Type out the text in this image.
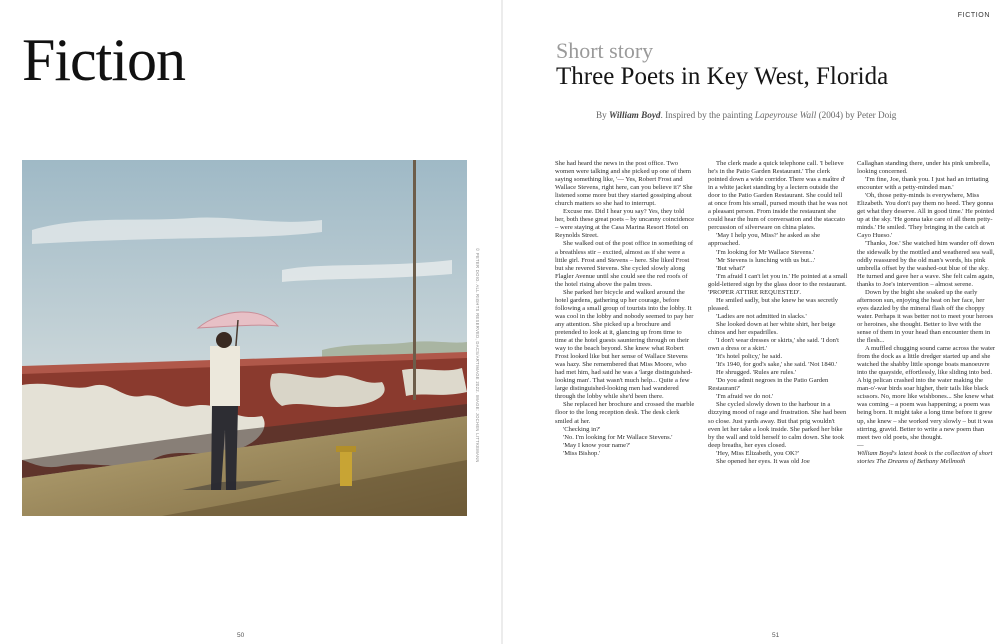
Fiction
FICTION
Short story
Three Poets in Key West, Florida
By William Boyd. Inspired by the painting Lapeyrouse Wall (2004) by Peter Doig
© PETER DOIG. ALL RIGHTS RESERVED, DACS/ARTIMAGE 2022. IMAGE: JOCHEN LITTKEMANN

She had heard the news in the post office. Two women were talking and she picked up one of them saying something like, '— Yes, Robert Frost and Wallace Stevens, right here, can you believe it?' She listened some more but they started gossiping about church matters so she had to interrupt.

Excuse me. Did I hear you say? Yes, they told her, both these great poets – by uncanny coincidence – were staying at the Casa Marina Resort Hotel on Reynolds Street.

She walked out of the post office in something of a breathless stir – excited, almost as if she were a little girl. Frost and Stevens – here. She liked Frost but she revered Stevens. She cycled slowly along Flagler Avenue until she could see the red roofs of the hotel rising above the palm trees.

She parked her bicycle and walked around the hotel gardens, gathering up her courage, before following a small group of tourists into the lobby. It was cool in the lobby and nobody seemed to pay her any attention. She picked up a brochure and pretended to look at it, glancing up from time to time at the hotel guests sauntering through on their way to the beach beyond. She knew what Robert Frost looked like but her sense of Wallace Stevens was hazy. She remembered that Miss Moore, who had met him, had said he was a 'large distinguished-looking man'. That wasn't much help... Quite a few large distinguished-looking men had wandered through the lobby while she'd been there.

She replaced her brochure and crossed the marble floor to the long reception desk. The desk clerk smiled at her.

'Checking in?'

'No. I'm looking for Mr Wallace Stevens.'

'May I know your name?'

'Miss Bishop.'

The clerk made a quick telephone call. 'I believe he's in the Patio Garden Restaurant.' The clerk pointed down a wide corridor. There was a maître d' in a white jacket standing by a lectern outside the door to the Patio Garden Restaurant. She could tell at once from his small, pursed mouth that he was not a pleasant person. From inside the restaurant she could hear the hum of conversation and the staccato percussion of silverware on china plates.

'May I help you, Miss?' he asked as she approached.

'I'm looking for Mr Wallace Stevens.'

'Mr Stevens is lunching with us but...'

'But what?'

'I'm afraid I can't let you in.' He pointed at a small gold-lettered sign by the glass door to the restaurant. 'PROPER ATTIRE REQUESTED'.

He smiled sadly, but she knew he was secretly pleased.

'Ladies are not admitted in slacks.'

She looked down at her white shirt, her beige chinos and her espadrilles.

'I don't wear dresses or skirts,' she said. 'I don't own a dress or a skirt.'

'It's hotel policy,' he said.

'It's 1940, for god's sake,' she said. 'Not 1840.'

He shrugged. 'Rules are rules.'

'Do you admit negroes in the Patio Garden Restaurant?'

'I'm afraid we do not.'

She cycled slowly down to the harbour in a dizzying mood of rage and frustration. She had been so close. Just yards away. But that prig wouldn't even let her take a look inside. She parked her bike by the wall and told herself to calm down. She took deep breaths, her eyes closed.

'Hey, Miss Elizabeth, you OK?'

She opened her eyes. It was old Joe

Callaghan standing there, under his pink umbrella, looking concerned.

'I'm fine, Joe, thank you. I just had an irritating encounter with a petty-minded man.'

'Oh, those petty-minds is everywhere, Miss Elizabeth. You don't pay them no heed. They gonna get what they deserve. All in good time.' He pointed up at the sky. 'He gonna take care of all them petty-minds.' He smiled. 'They bringing in the catch at Cayo Hueso.'

'Thanks, Joe.' She watched him wander off down the sidewalk by the mottled and weathered sea wall, oddly reassured by the old man's words, his pink umbrella offset by the washed-out blue of the sky. He turned and gave her a wave. She felt calm again, thanks to Joe's intervention – almost serene.

Down by the bight she soaked up the early afternoon sun, enjoying the heat on her face, her eyes dazzled by the mineral flash off the choppy water. Perhaps it was better not to meet your heroes or heroines, she thought. Better to live with the sense of them in your head than encounter them in the flesh...

A muffled chugging sound came across the water from the dock as a little dredger started up and she watched the shabby little sponge boats manoeuvre into the quayside, effortlessly, like sliding into bed. A big pelican crashed into the water making the man-o'-war birds soar higher, their tails like black scissors. No, more like wishbones... She knew what was coming – a poem was happening; a poem was being born. It might take a long time before it grew up, she knew – she worked very slowly – but it was stirring, gravid. Better to write a new poem than meet two old poets, she thought.

—

William Boyd's latest book is the collection of short stories The Dreams of Bethany Mellmoth

50	51
